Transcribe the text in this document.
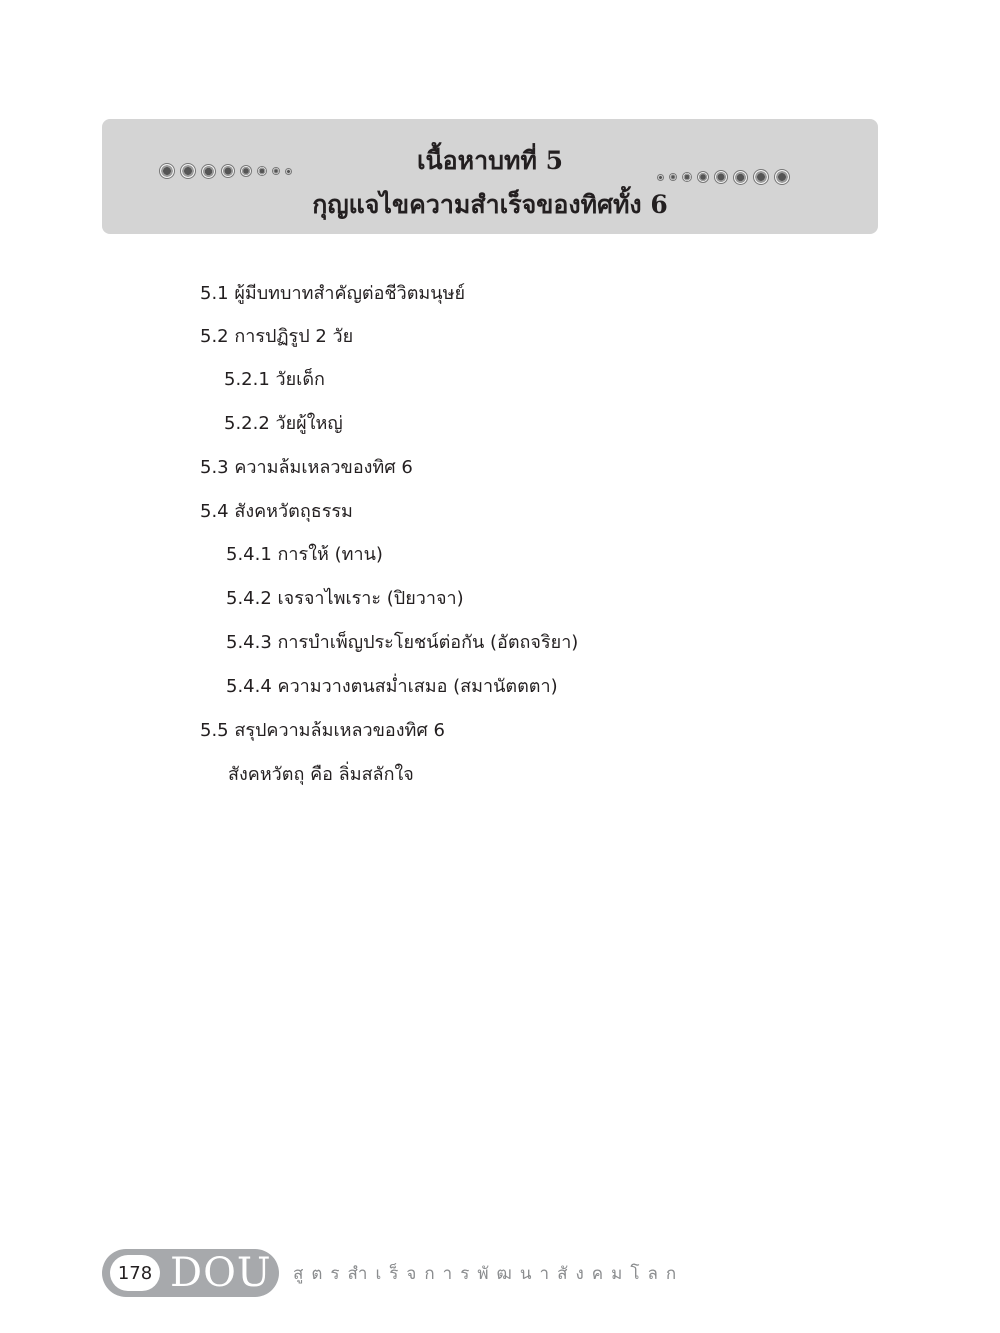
เนื้อหาบทที่ 5
กุญแจไขความสำเร็จของทิศทั้ง 6
5.1 ผู้มีบทบาทสำคัญต่อชีวิตมนุษย์
5.2 การปฏิรูป 2 วัย
5.2.1 วัยเด็ก
5.2.2 วัยผู้ใหญ่
5.3 ความล้มเหลวของทิศ 6
5.4 สังคหวัตถุธรรม
5.4.1 การให้ (ทาน)
5.4.2 เจรจาไพเราะ (ปิยวาจา)
5.4.3 การบำเพ็ญประโยชน์ต่อกัน (อัตถจริยา)
5.4.4 ความวางตนสม่ำเสมอ (สมานัตตตา)
5.5 สรุปความล้มเหลวของทิศ 6
สังคหวัตถุ คือ ลิ่มสลักใจ
178 DOU สูตรสำเร็จการพัฒนาสังคมโลก
